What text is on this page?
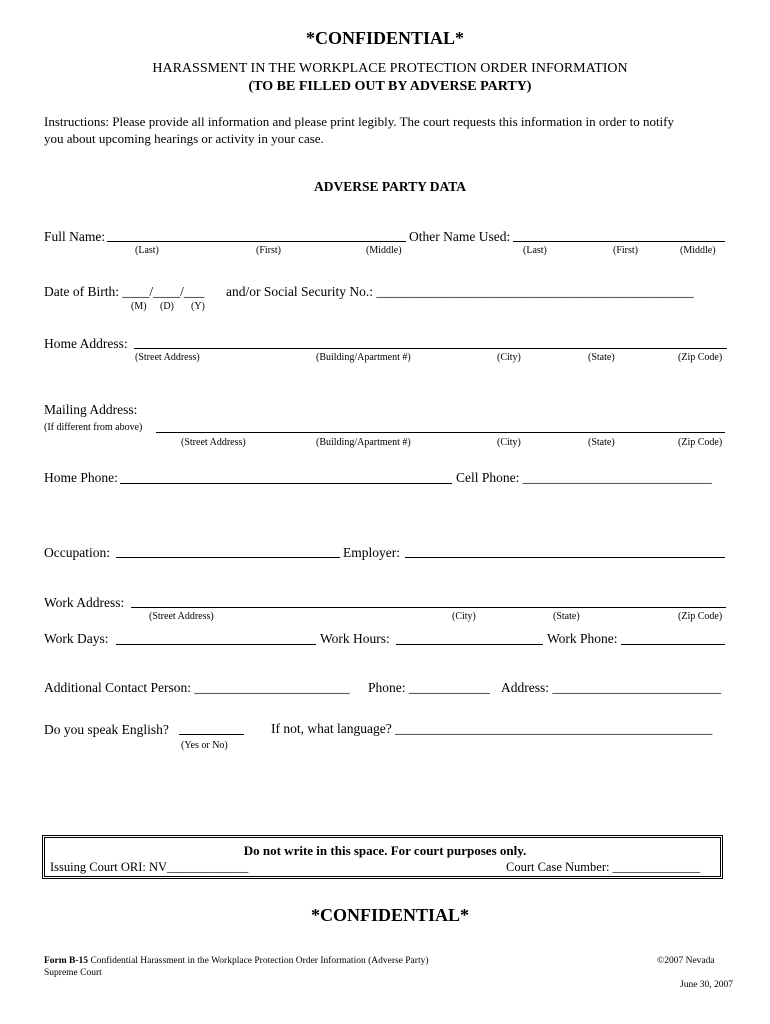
*CONFIDENTIAL*
HARASSMENT IN THE WORKPLACE PROTECTION ORDER INFORMATION
(TO BE FILLED OUT BY ADVERSE PARTY)
Instructions: Please provide all information and please print legibly. The court requests this information in order to notify
you about upcoming hearings or activity in your case.
ADVERSE PARTY DATA
Full Name:
(Last)	(First)	(Middle)
Other Name Used:
(Last)	(First)	(Middle)
Date of Birth: ____/____/___
(M) (D) (Y)
and/or Social Security No.: _______________________________________________
Home Address:
(Street Address)	(Building/Apartment #)	(City)	(State)	(Zip Code)
Mailing Address:
(If different from above)
(Street Address)	(Building/Apartment #)	(City)	(State)	(Zip Code)
Home Phone:	Cell Phone: ____________________________
Occupation:	Employer:
Work Address:
(Street Address)	(City)	(State)	(Zip Code)
Work Days:	Work Hours:	Work Phone:
Additional Contact Person: _______________________ Phone: ____________ Address: _________________________
Do you speak English?
(Yes or No)
If not, what language? _______________________________________________
Do not write in this space. For court purposes only.
Issuing Court ORI: NV_____________	Court Case Number: ______________
*CONFIDENTIAL*
Form B-15 Confidential Harassment in the Workplace Protection Order Information (Adverse Party)
Supreme Court
©2007 Nevada
June 30, 2007
